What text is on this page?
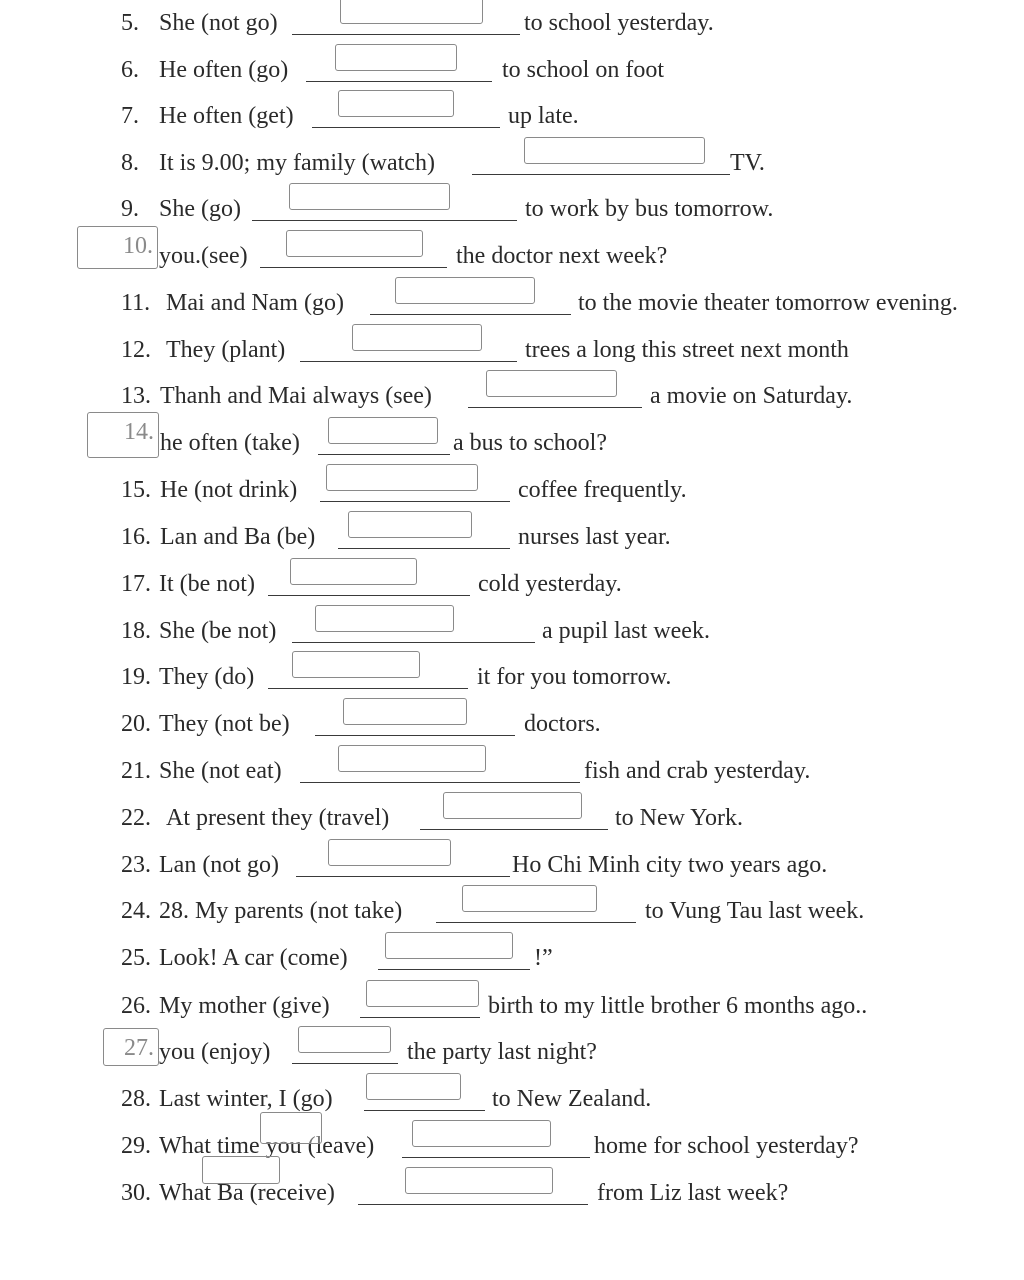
5. She (not go)	to school yesterday.
6. He often (go)	to school on foot
7. He often (get)	up late.
8. It is 9.00; my family (watch)	TV.
9. She (go)	to work by bus tomorrow.
10. you.(see)	the doctor next week?
11. Mai and Nam (go)	to the movie theater tomorrow evening.
12. They (plant)	trees a long this street next month
13. Thanh and Mai always (see)	a movie on Saturday.
14. he often (take)	a bus to school?
15. He (not drink)	coffee frequently.
16. Lan and Ba (be)	nurses last year.
17. It (be not)	cold yesterday.
18. She (be not)	a pupil last week.
19. They (do)	it for you tomorrow.
20. They (not be)	doctors.
21. She (not eat)	fish and crab yesterday.
22. At present they (travel)	to New York.
23. Lan (not go)	Ho Chi Minh city two years ago.
24. 28. My parents (not take)	to Vung Tau last week.
25. Look! A car (come)	!”
26. My mother (give)	birth to my little brother 6 months ago..
27. you (enjoy)	the party last night?
28. Last winter, I (go)	to New Zealand.
29. What time you (leave)	home for school yesterday?
30. What Ba (receive)	from Liz last week?
